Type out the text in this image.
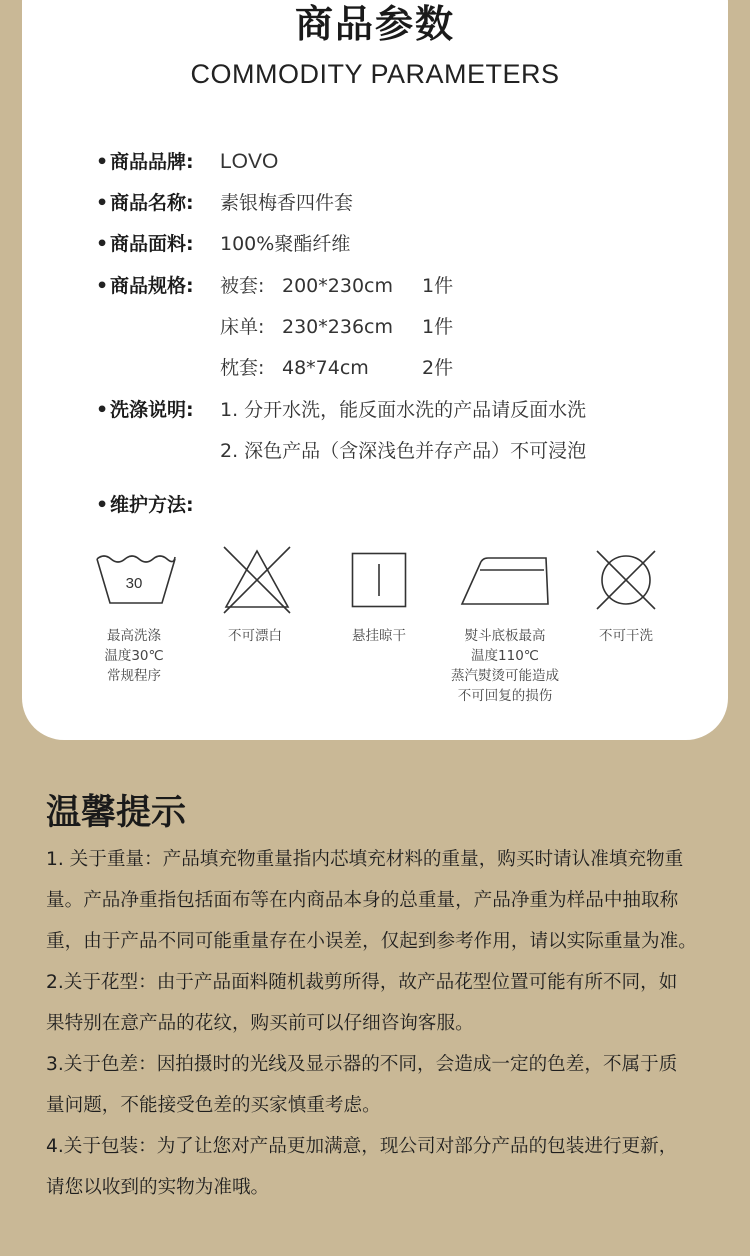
商品参数
COMMODITY PARAMETERS
• 商品品牌: LOVO
• 商品名称: 素银梅香四件套
• 商品面料: 100%聚酯纤维
• 商品规格: 被套: 200*230cm 1件
床单: 230*236cm 1件
枕套: 48*74cm	2件
• 洗涤说明: 1. 分开水洗，能反面水洗的产品请反面水洗
2. 深色产品（含深浅色并存产品）不可浸泡
• 维护方法:
30
最高洗涤
温度30℃
常规程序
不可漂白	悬挂晾干	熨斗底板最高
温度110℃
蒸汽熨烫可能造成
不可回复的损伤
不可干洗
温馨提示
1. 关于重量：产品填充物重量指内芯填充材料的重量，购买时请认准填充物重
量。产品净重指包括面布等在内商品本身的总重量，产品净重为样品中抽取称
重，由于产品不同可能重量存在小误差，仅起到参考作用，请以实际重量为准。
2.关于花型：由于产品面料随机裁剪所得，故产品花型位置可能有所不同，如
果特别在意产品的花纹，购买前可以仔细咨询客服。
3.关于色差：因拍摄时的光线及显示器的不同，会造成一定的色差，不属于质
量问题，不能接受色差的买家慎重考虑。
4.关于包装：为了让您对产品更加满意，现公司对部分产品的包装进行更新，
请您以收到的实物为准哦。
